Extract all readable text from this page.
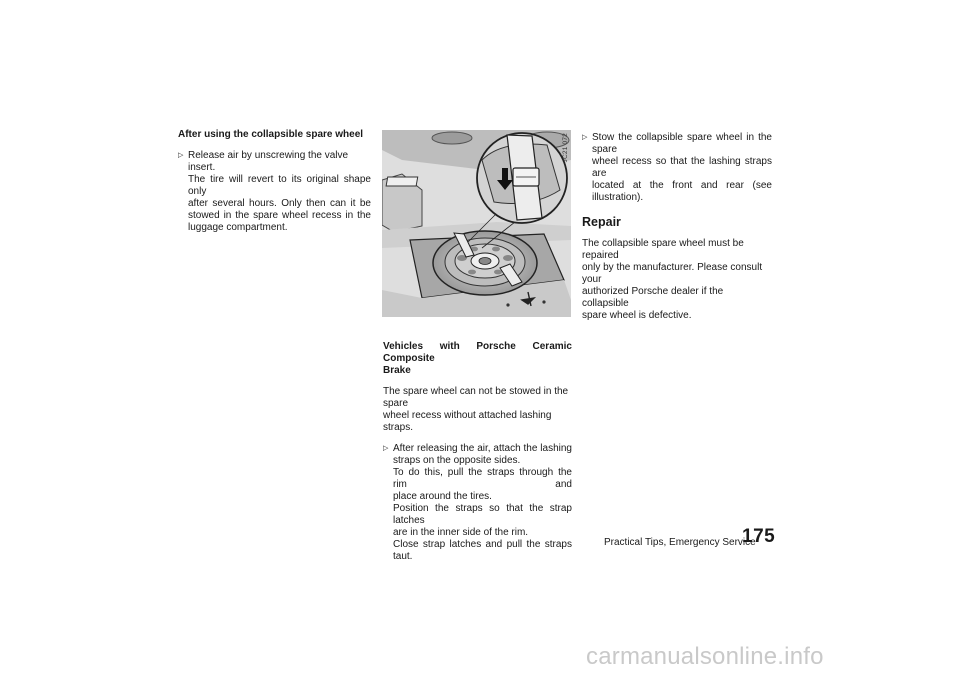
After using the collapsible spare wheel

▷ Release air by unscrewing the valve insert.
The tire will revert to its original shape only
after several hours. Only then can it be
stowed in the spare wheel recess in the
luggage compartment.
JC21 072
Vehicles with Porsche Ceramic Composite
Brake
The spare wheel can not be stowed in the spare
wheel recess without attached lashing straps.
▷ After releasing the air, attach the lashing
straps on the opposite sides.
To do this, pull the straps through the rim and
place around the tires.
Position the straps so that the strap latches
are in the inner side of the rim.
Close strap latches and pull the straps taut.
▷ Stow the collapsible spare wheel in the spare
wheel recess so that the lashing straps are
located at the front and rear (see illustration).
Repair
The collapsible spare wheel must be repaired
only by the manufacturer. Please consult your
authorized Porsche dealer if the collapsible
spare wheel is defective.
Practical Tips, Emergency Service
175
carmanualsonline.info
